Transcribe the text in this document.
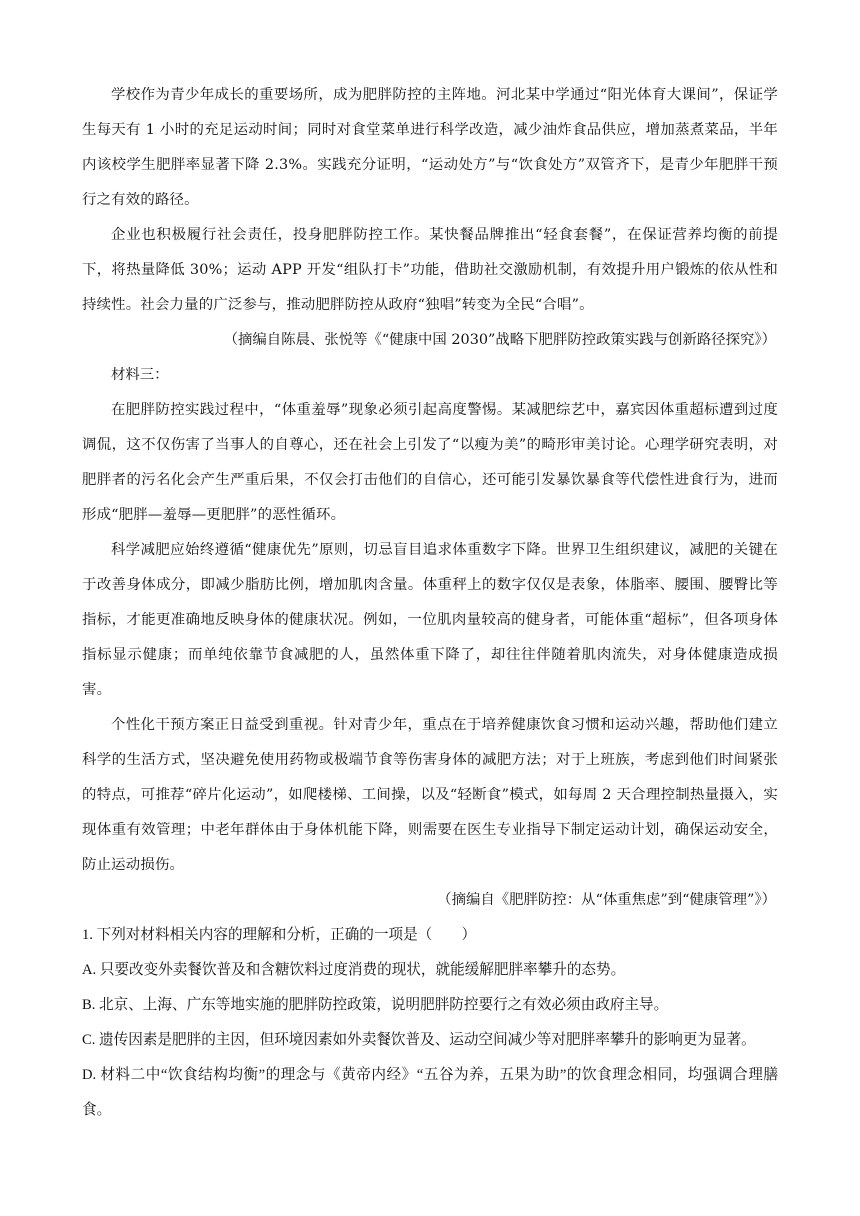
学校作为青少年成长的重要场所，成为肥胖防控的主阵地。河北某中学通过“阳光体育大课间”，保证学生每天有 1 小时的充足运动时间；同时对食堂菜单进行科学改造，减少油炸食品供应，增加蒸煮菜品，半年内该校学生肥胖率显著下降 2.3%。实践充分证明，“运动处方”与“饮食处方”双管齐下，是青少年肥胖干预行之有效的路径。

企业也积极履行社会责任，投身肥胖防控工作。某快餐品牌推出“轻食套餐”，在保证营养均衡的前提下，将热量降低 30%；运动 APP 开发“组队打卡”功能，借助社交激励机制，有效提升用户锻炼的依从性和持续性。社会力量的广泛参与，推动肥胖防控从政府“独唱”转变为全民“合唱”。

（摘编自陈晨、张悦等《“健康中国 2030”战略下肥胖防控政策实践与创新路径探究》）

材料三：

在肥胖防控实践过程中，“体重羞辱”现象必须引起高度警惕。某减肥综艺中，嘉宾因体重超标遭到过度调侃，这不仅伤害了当事人的自尊心，还在社会上引发了“以瘦为美”的畸形审美讨论。心理学研究表明，对肥胖者的污名化会产生严重后果，不仅会打击他们的自信心，还可能引发暴饮暴食等代偿性进食行为，进而形成“肥胖—羞辱—更肥胖”的恶性循环。

科学减肥应始终遵循“健康优先”原则，切忌盲目追求体重数字下降。世界卫生组织建议，减肥的关键在于改善身体成分，即减少脂肪比例，增加肌肉含量。体重秤上的数字仅仅是表象，体脂率、腰围、腰臀比等指标，才能更准确地反映身体的健康状况。例如，一位肌肉量较高的健身者，可能体重“超标”，但各项身体指标显示健康；而单纯依靠节食减肥的人，虽然体重下降了，却往往伴随着肌肉流失，对身体健康造成损害。

个性化干预方案正日益受到重视。针对青少年，重点在于培养健康饮食习惯和运动兴趣，帮助他们建立科学的生活方式，坚决避免使用药物或极端节食等伤害身体的减肥方法；对于上班族，考虑到他们时间紧张的特点，可推荐“碎片化运动”，如爬楼梯、工间操，以及“轻断食”模式，如每周 2 天合理控制热量摄入，实现体重有效管理；中老年群体由于身体机能下降，则需要在医生专业指导下制定运动计划，确保运动安全，防止运动损伤。

（摘编自《肥胖防控：从“体重焦虑”到“健康管理”》）

1. 下列对材料相关内容的理解和分析，正确的一项是（　　）

A. 只要改变外卖餐饮普及和含糖饮料过度消费的现状，就能缓解肥胖率攀升的态势。

B. 北京、上海、广东等地实施的肥胖防控政策，说明肥胖防控要行之有效必须由政府主导。

C. 遗传因素是肥胖的主因，但环境因素如外卖餐饮普及、运动空间减少等对肥胖率攀升的影响更为显著。

D. 材料二中“饮食结构均衡”的理念与《黄帝内经》“五谷为养，五果为助”的饮食理念相同，均强调合理膳食。
